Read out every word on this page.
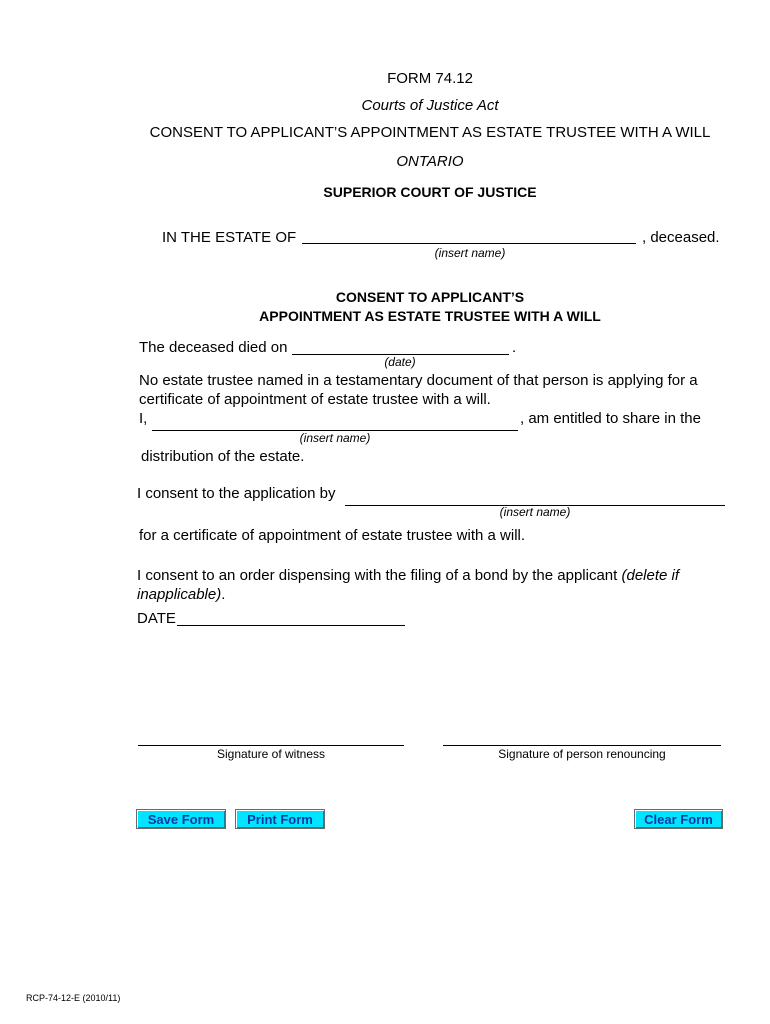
FORM 74.12
Courts of Justice Act
CONSENT TO APPLICANT’S APPOINTMENT AS ESTATE TRUSTEE WITH A WILL
ONTARIO
SUPERIOR COURT OF JUSTICE
IN THE ESTATE OF	, deceased.
(insert name)
CONSENT TO APPLICANT’S
APPOINTMENT AS ESTATE TRUSTEE WITH A WILL
The deceased died on	.
(date)
No estate trustee named in a testamentary document of that person is applying for a
certificate of appointment of estate trustee with a will.
I,	, am entitled to share in the
(insert name)
distribution of the estate.
I consent to the application by
(insert name)
for a certificate of appointment of estate trustee with a will.
I consent to an order dispensing with the filing of a bond by the applicant (delete if
inapplicable).
DATE
Signature of witness	Signature of person renouncing
Save Form	Print Form	Clear Form
RCP-74-12-E (2010/11)
